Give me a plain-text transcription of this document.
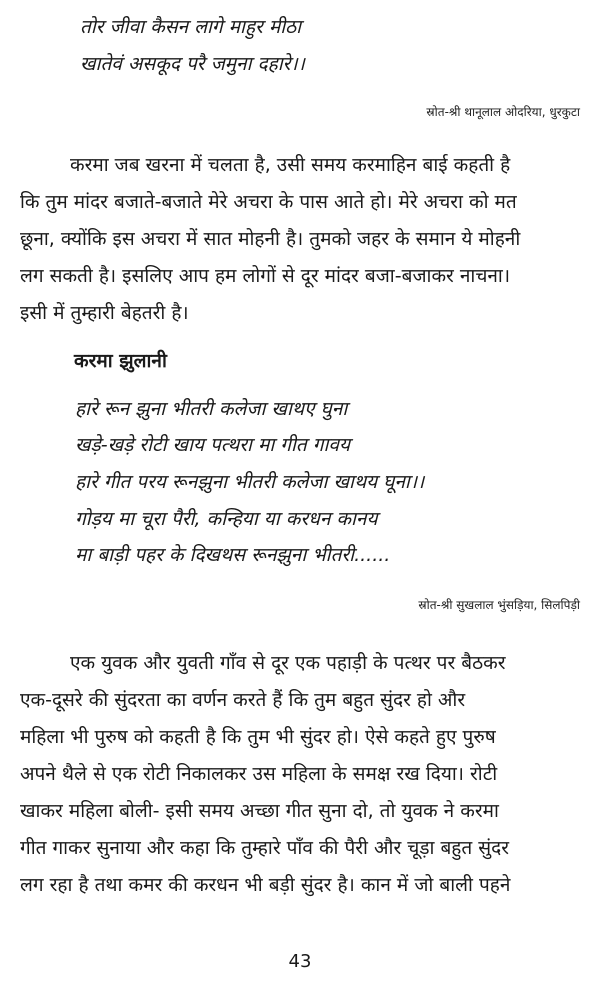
तोर जीवा कैसन लागे माहुर मीठा
खातेवं असकूद परै जमुना दहारे।।
स्रोत-श्री थानूलाल ओदरिया, धुरकुटा
करमा जब खरना में चलता है, उसी समय करमाहिन बाई कहती है
कि तुम मांदर बजाते-बजाते मेरे अचरा के पास आते हो। मेरे अचरा को मत
छूना, क्योंकि इस अचरा में सात मोहनी है। तुमको जहर के समान ये मोहनी
लग सकती है। इसलिए आप हम लोगों से दूर मांदर बजा-बजाकर नाचना।
इसी में तुम्हारी बेहतरी है।
करमा झुलानी
हारे रून झुना भीतरी कलेजा खाथए घुना
खड़े-खड़े रोटी खाय पत्थरा मा गीत गावय
हारे गीत परय रूनझुना भीतरी कलेजा खाथय घूना।।
गोड़य मा चूरा पैरी, कन्हिया या करधन कानय
मा बाड़ी पहर के दिखथस रूनझुना भीतरी......
स्रोत-श्री सुखलाल भुंसड़िया, सिलपिड़ी
एक युवक और युवती गाँव से दूर एक पहाड़ी के पत्थर पर बैठकर
एक-दूसरे की सुंदरता का वर्णन करते हैं कि तुम बहुत सुंदर हो और
महिला भी पुरुष को कहती है कि तुम भी सुंदर हो। ऐसे कहते हुए पुरुष
अपने थैले से एक रोटी निकालकर उस महिला के समक्ष रख दिया। रोटी
खाकर महिला बोली- इसी समय अच्छा गीत सुना दो, तो युवक ने करमा
गीत गाकर सुनाया और कहा कि तुम्हारे पाँव की पैरी और चूड़ा बहुत सुंदर
लग रहा है तथा कमर की करधन भी बड़ी सुंदर है। कान में जो बाली पहने
43
